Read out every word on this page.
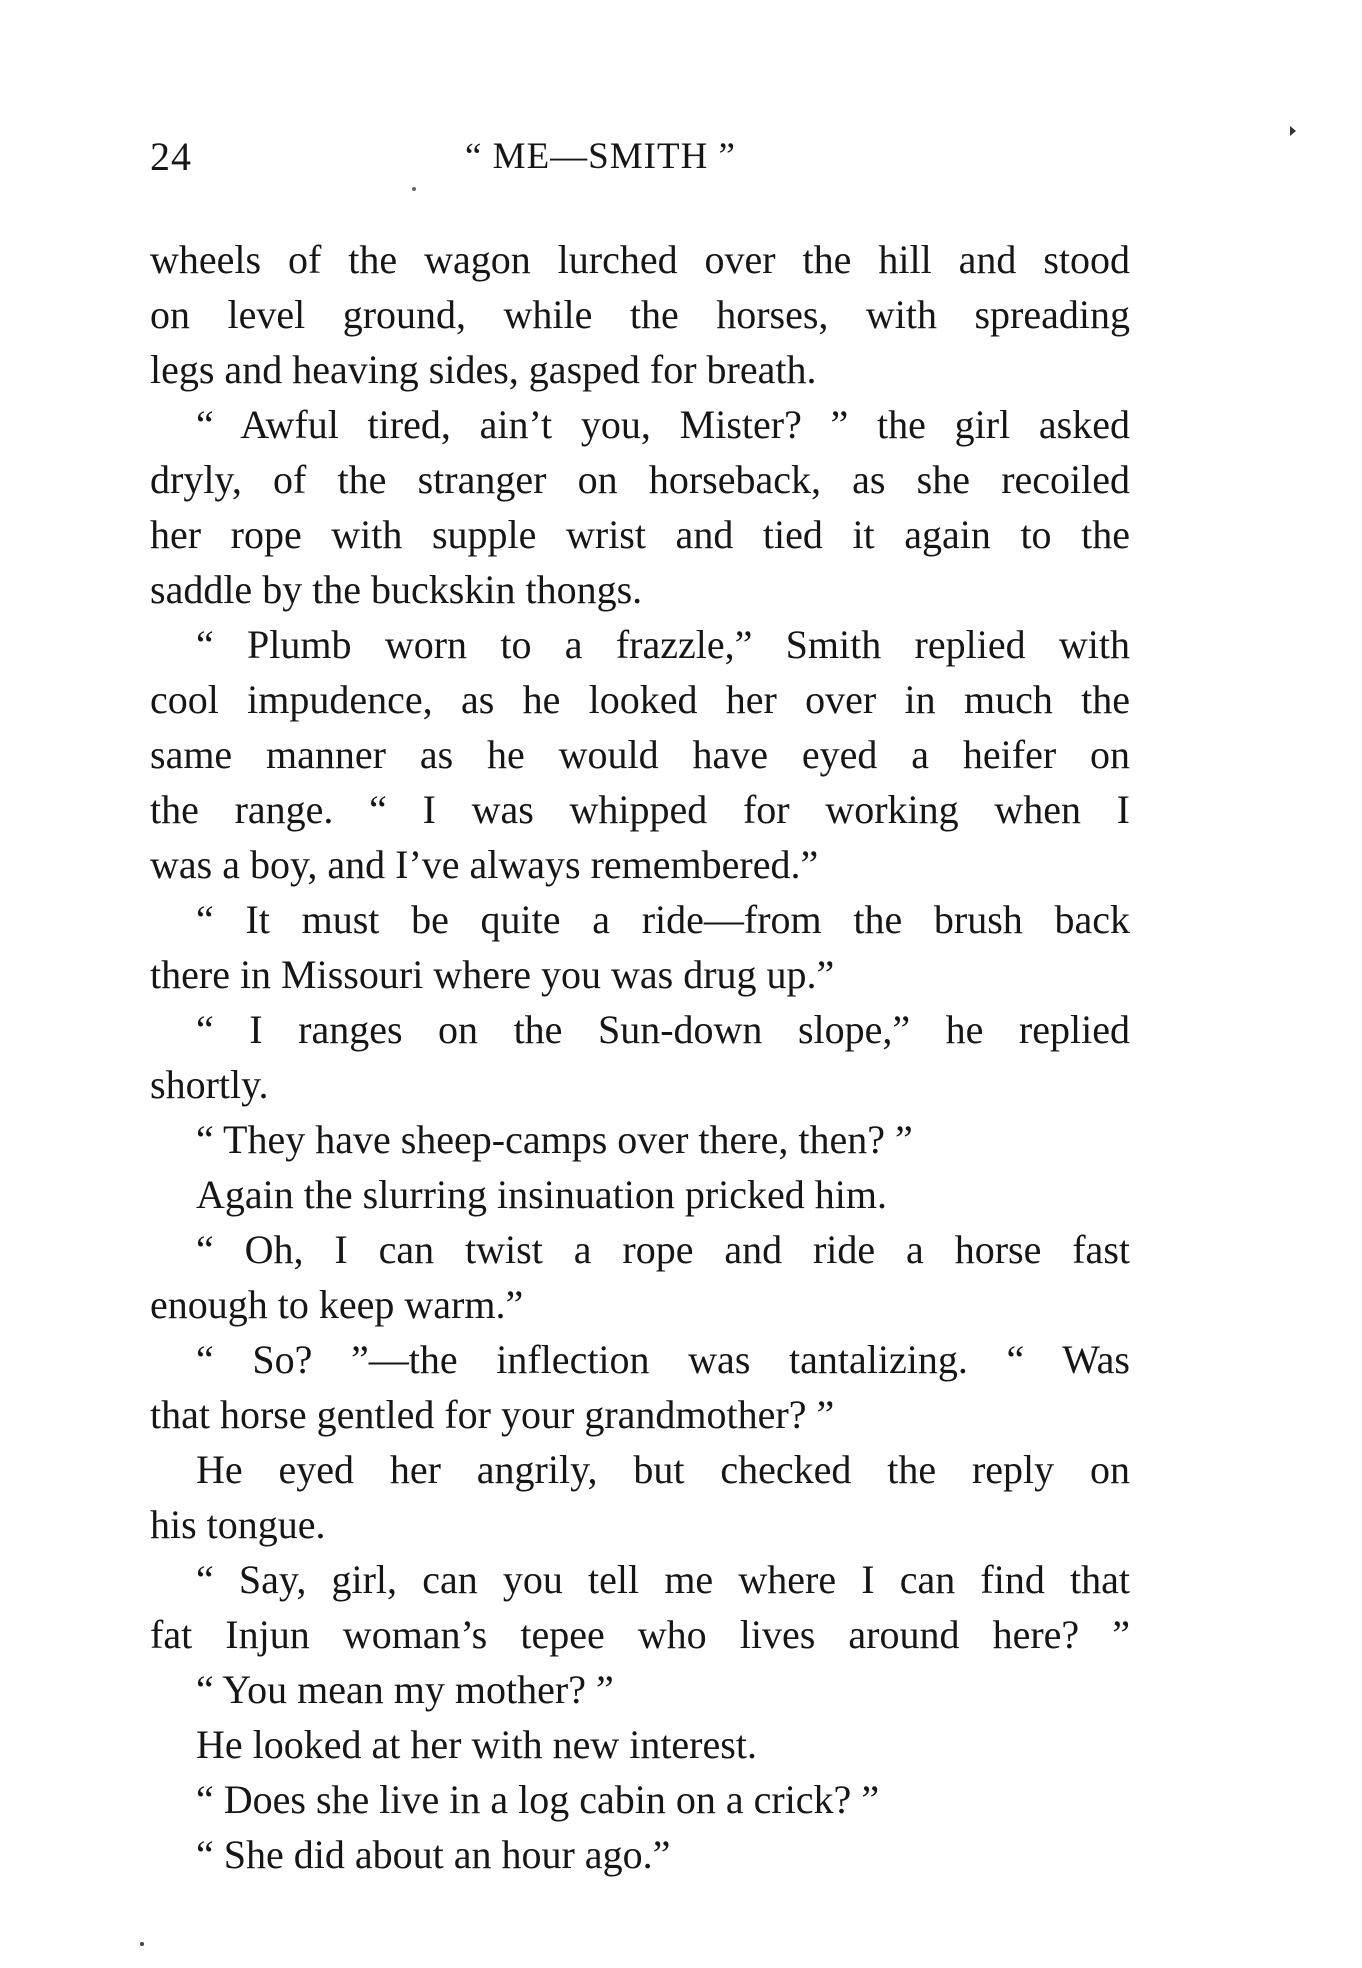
24	“ ME—SMITH ”
wheels of the wagon lurched over the hill and stood
on level ground, while the horses, with spreading
legs and heaving sides, gasped for breath.
“ Awful tired, ain’t you, Mister? ” the girl asked
dryly, of the stranger on horseback, as she recoiled
her rope with supple wrist and tied it again to the
saddle by the buckskin thongs.
“ Plumb worn to a frazzle,” Smith replied with
cool impudence, as he looked her over in much the
same manner as he would have eyed a heifer on
the range. “ I was whipped for working when I
was a boy, and I’ve always remembered.”
“ It must be quite a ride—from the brush back
there in Missouri where you was drug up.”
“ I ranges on the Sun-down slope,” he replied
shortly.
“ They have sheep-camps over there, then? ”
Again the slurring insinuation pricked him.
“ Oh, I can twist a rope and ride a horse fast
enough to keep warm.”
“ So? ”—the inflection was tantalizing. “ Was
that horse gentled for your grandmother? ”
He eyed her angrily, but checked the reply on
his tongue.
“ Say, girl, can you tell me where I can find that
fat Injun woman’s tepee who lives around here? ”
“ You mean my mother? ”
He looked at her with new interest.
“ Does she live in a log cabin on a crick? ”
“ She did about an hour ago.”
